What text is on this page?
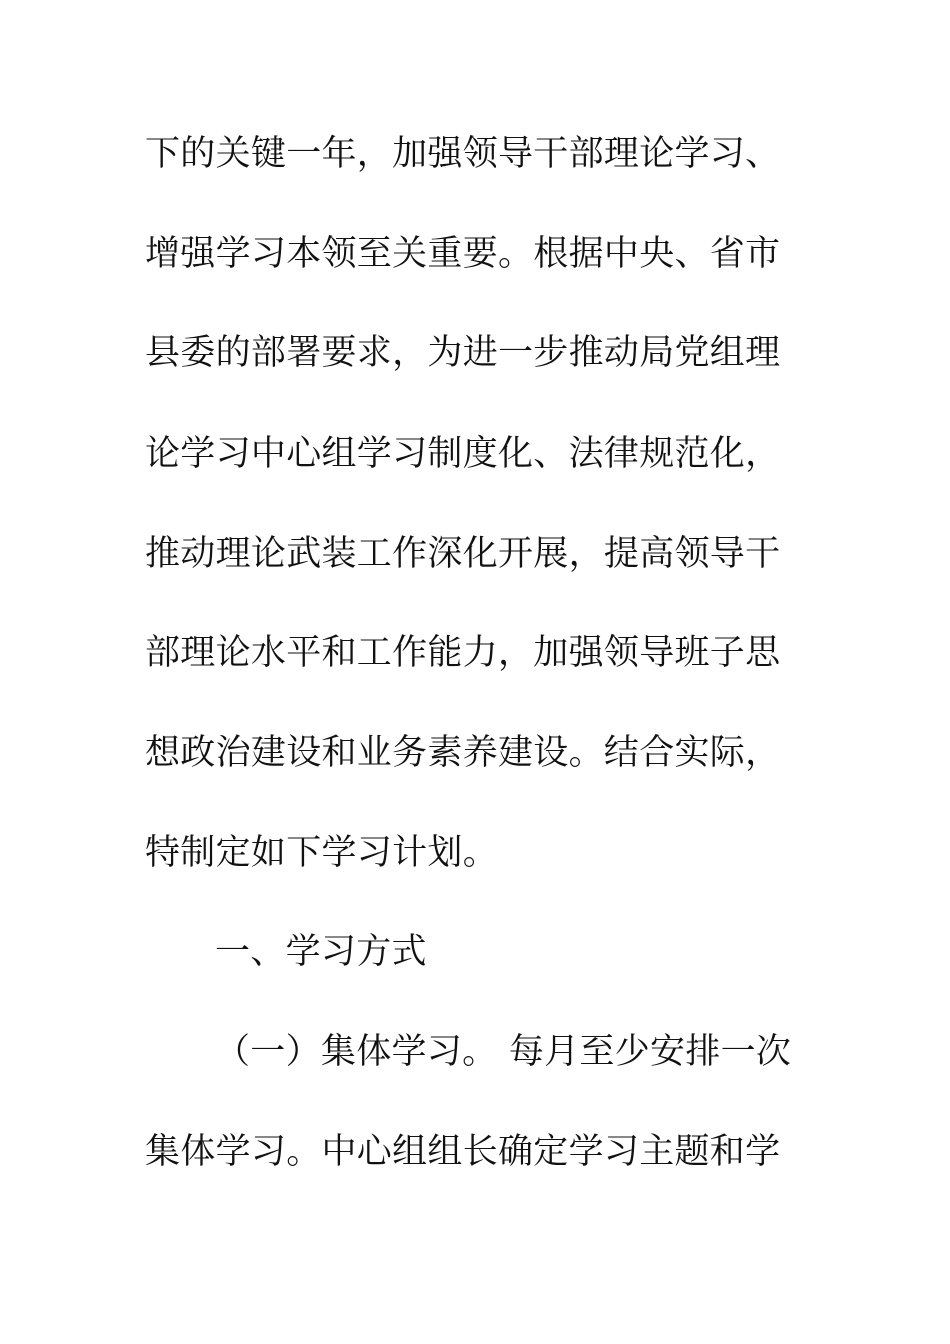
下的关键一年，加强领导干部理论学习、
增强学习本领至关重要。根据中央、省市
县委的部署要求，为进一步推动局党组理
论学习中心组学习制度化、法律规范化，
推动理论武装工作深化开展，提高领导干
部理论水平和工作能力，加强领导班子思
想政治建设和业务素养建设。结合实际，
特制定如下学习计划。
一、学习方式
（一）集体学习。 每月至少安排一次
集体学习。中心组组长确定学习主题和学
